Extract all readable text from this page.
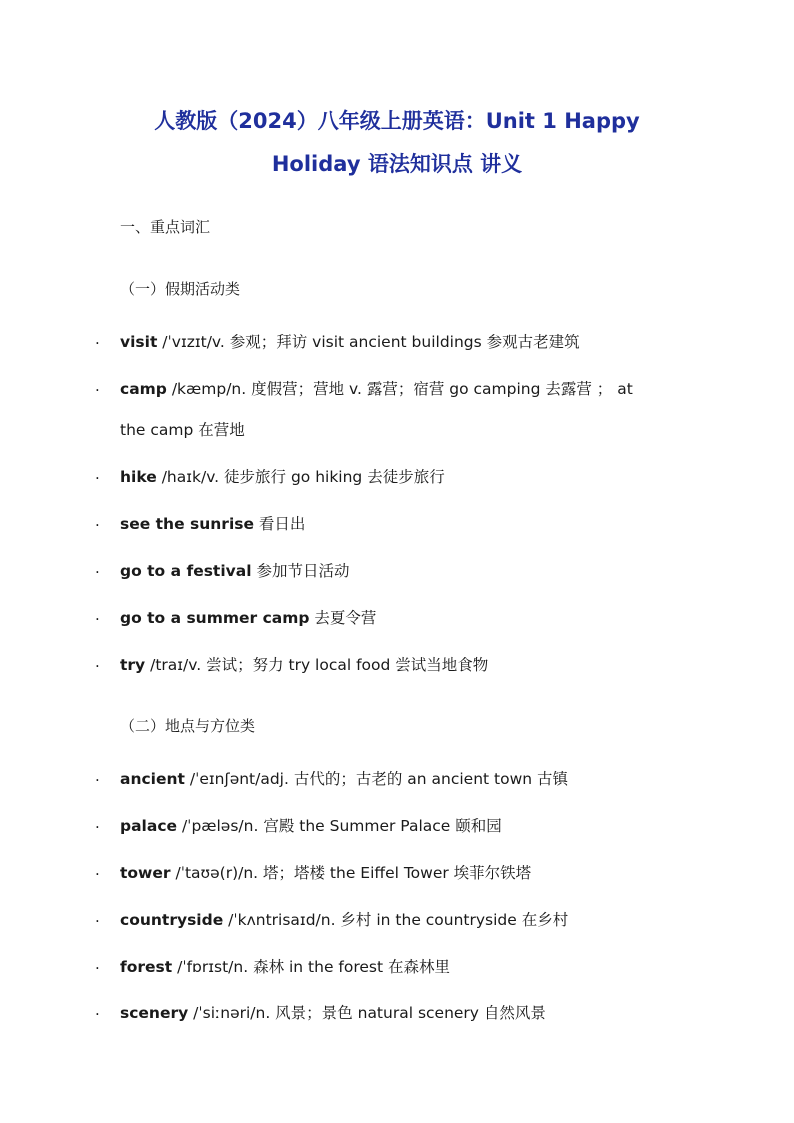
人教版（2024）八年级上册英语：Unit 1 Happy
Holiday 语法知识点 讲义
一、重点词汇
（一）假期活动类
. visit /ˈvɪzɪt/v. 参观；拜访 visit ancient buildings 参观古老建筑
. camp /kæmp/n. 度假营；营地 v. 露营；宿营 go camping 去露营 ； at
the camp 在营地
. hike /haɪk/v. 徒步旅行 go hiking 去徒步旅行
. see the sunrise 看日出
. go to a festival 参加节日活动
. go to a summer camp 去夏令营
. try /traɪ/v. 尝试；努力 try local food 尝试当地食物
（二）地点与方位类
. ancient /ˈeɪnʃənt/adj. 古代的；古老的 an ancient town 古镇
. palace /ˈpæləs/n. 宫殿 the Summer Palace 颐和园
. tower /ˈtaʊə(r)/n. 塔；塔楼 the Eiffel Tower 埃菲尔铁塔
. countryside /ˈkʌntrisaɪd/n. 乡村 in the countryside 在乡村
. forest /ˈfɒrɪst/n. 森林 in the forest 在森林里
. scenery /ˈsiːnəri/n. 风景；景色 natural scenery 自然风景
